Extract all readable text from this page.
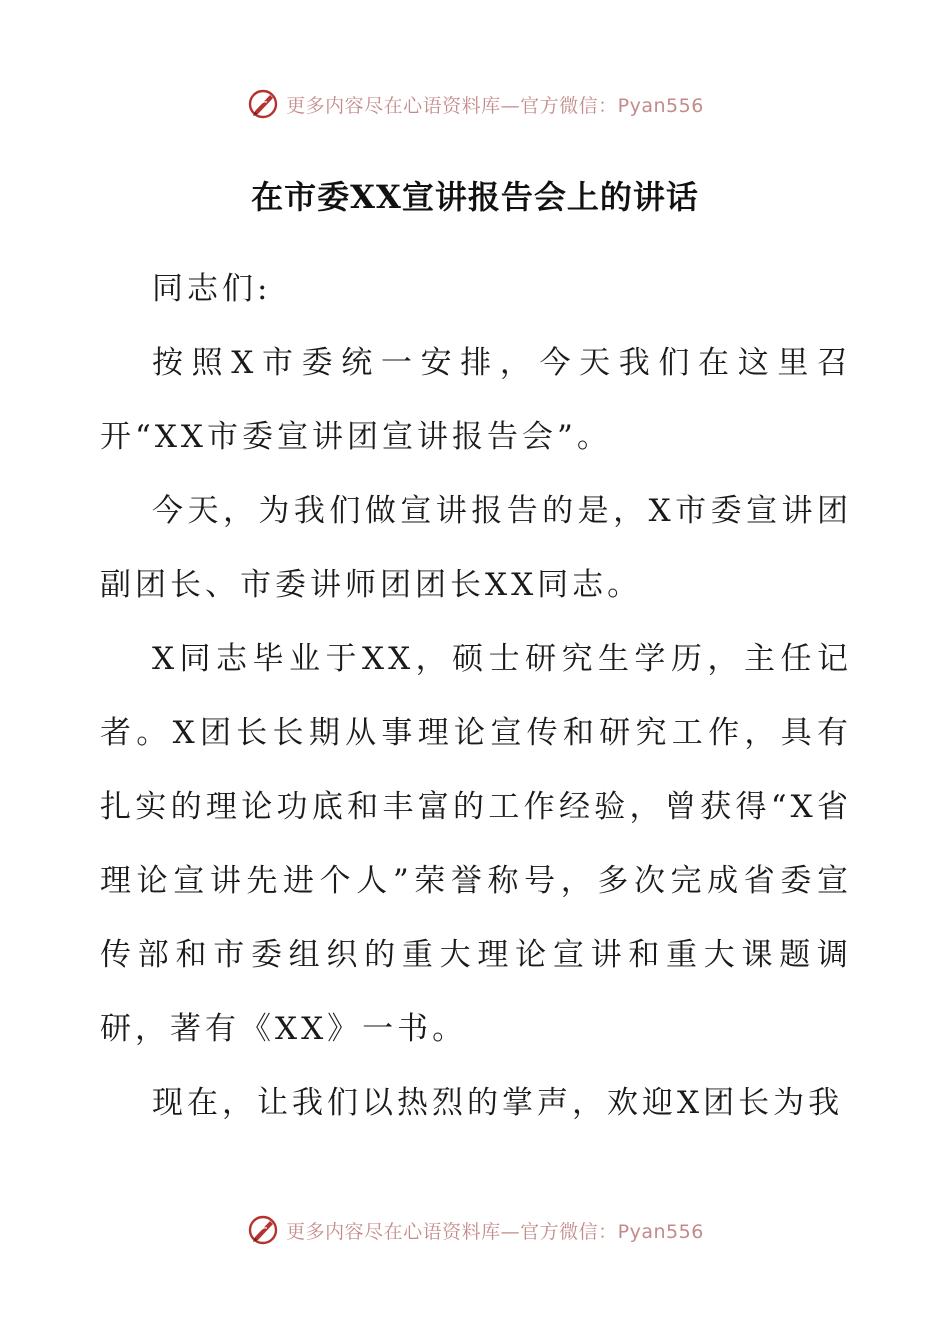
更多内容尽在心语资料库—官方微信：Pyan556
在市委XX宣讲报告会上的讲话

同志们:

按照X市委统一安排，今天我们在这里召开“XX市委宣讲团宣讲报告会”。

今天，为我们做宣讲报告的是，X市委宣讲团副团长、市委讲师团团长XX同志。

X同志毕业于XX，硕士研究生学历，主任记者。X团长长期从事理论宣传和研究工作，具有扎实的理论功底和丰富的工作经验，曾获得“X省理论宣讲先进个人”荣誉称号，多次完成省委宣传部和市委组织的重大理论宣讲和重大课题调研，著有《XX》一书。

现在，让我们以热烈的掌声，欢迎X团长为我

更多内容尽在心语资料库—官方微信：Pyan556
